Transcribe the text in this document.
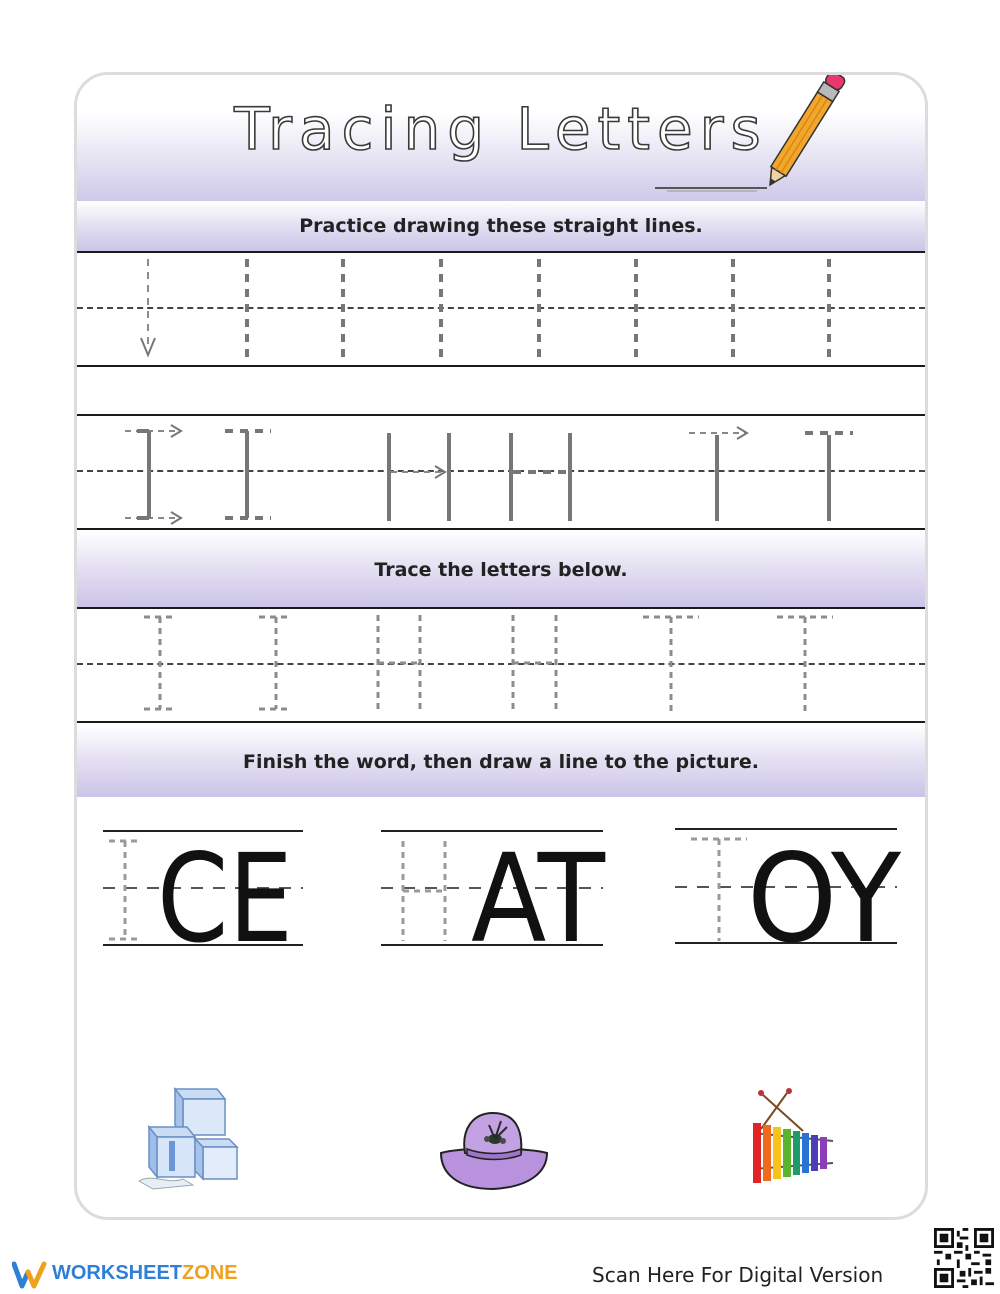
Tracing Letters
Practice drawing these straight lines.
Trace the letters below.
Finish the word, then draw a line to the picture.
CE AT OY
WORKSHEETZONE	Scan Here For Digital Version
